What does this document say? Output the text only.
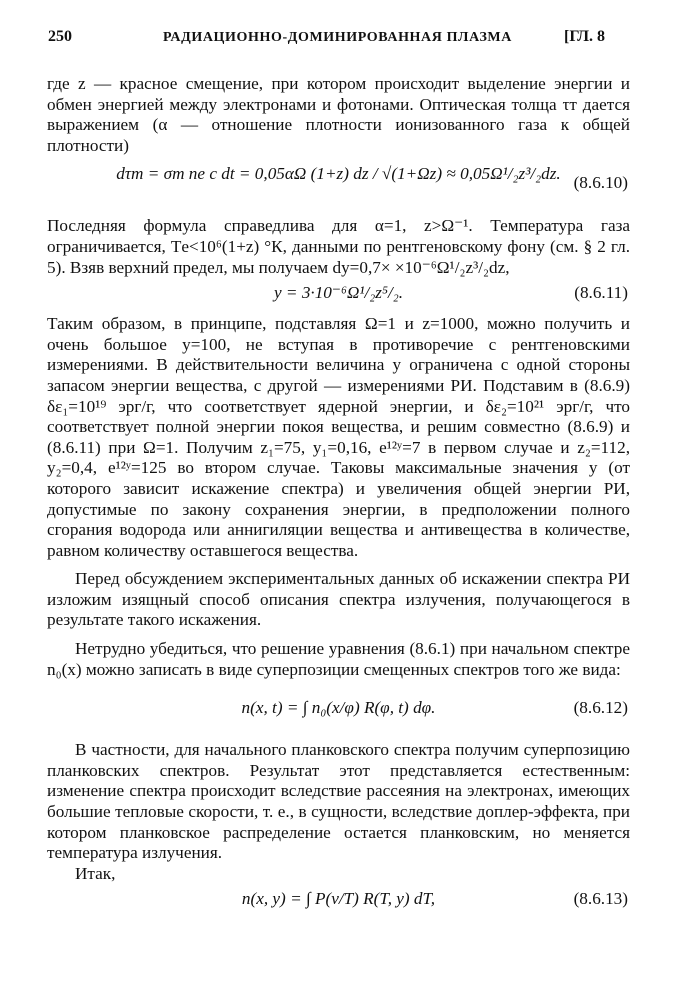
250	РАДИАЦИОННО-ДОМИНИРОВАННАЯ ПЛАЗМА	[ГЛ. 8

где z — красное смещение, при котором происходит выделение энергии и обмен энергией между электронами и фотонами. Оптическая толща τт дается выражением (α — отношение плотности ионизованного газа к общей плотности)

dτт = σт nе c dt = 0,05αΩ (1+z) dz / √(1+Ωz) ≈ 0,05Ω¹/₂z³/₂dz. (8.6.10)

Последняя формула справедлива для α=1, z>Ω⁻¹. Температура газа ограничивается, Tе<10⁶(1+z) °К, данными по рентгеновскому фону (см. § 2 гл. 5). Взяв верхний предел, мы получаем dy=0,7× ×10⁻⁶Ω¹/₂z³/₂dz,

y = 3·10⁻⁶Ω¹/₂z⁵/₂.	(8.6.11)

Таким образом, в принципе, подставляя Ω=1 и z=1000, можно получить и очень большое y=100, не вступая в противоречие с рентгеновскими измерениями. В действительности величина y ограничена с одной стороны запасом энергии вещества, с другой — измерениями РИ. Подставим в (8.6.9) δε₁=10¹⁹ эрг/г, что соответствует ядерной энергии, и δε₂=10²¹ эрг/г, что соответствует полной энергии покоя вещества, и решим совместно (8.6.9) и (8.6.11) при Ω=1. Получим z₁=75, y₁=0,16, e¹²ʸ=7 в первом случае и z₂=112, y₂=0,4, e¹²ʸ=125 во втором случае. Таковы максимальные значения y (от которого зависит искажение спектра) и увеличения общей энергии РИ, допустимые по закону сохранения энергии, в предположении полного сгорания водорода или аннигиляции вещества и антивещества в количестве, равном количеству оставшегося вещества.

Перед обсуждением экспериментальных данных об искажении спектра РИ изложим изящный способ описания спектра излучения, получающегося в результате такого искажения.

Нетрудно убедиться, что решение уравнения (8.6.1) при начальном спектре n₀(x) можно записать в виде суперпозиции смещенных спектров того же вида:

n(x, t) = ∫ n₀(x/φ) R(φ, t) dφ.	(8.6.12)

В частности, для начального планковского спектра получим суперпозицию планковских спектров. Результат этот представляется естественным: изменение спектра происходит вследствие рассеяния на электронах, имеющих большие тепловые скорости, т. е., в сущности, вследствие доплер-эффекта, при котором планковское распределение остается планковским, но меняется температура излучения.

Итак,

n(x, y) = ∫ P(ν/T) R(T, y) dT,	(8.6.13)
